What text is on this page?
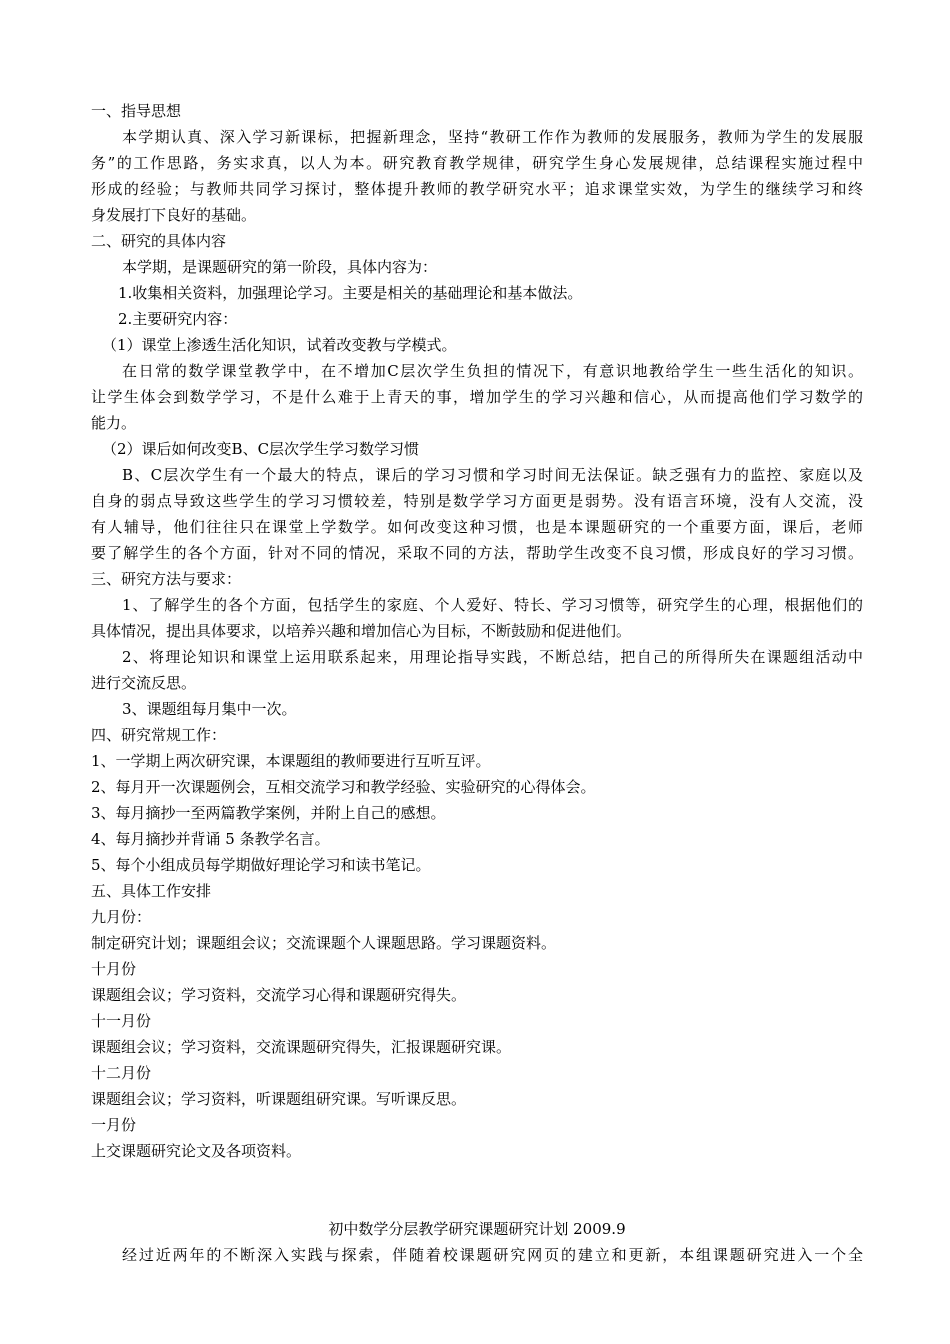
一、指导思想
本学期认真、深入学习新课标，把握新理念，坚持“教研工作作为教师的发展服务，教师为学生的发展服
务”的工作思路，务实求真，以人为本。研究教育教学规律，研究学生身心发展规律，总结课程实施过程中
形成的经验；与教师共同学习探讨，整体提升教师的教学研究水平；追求课堂实效，为学生的继续学习和终
身发展打下良好的基础。
二、研究的具体内容
本学期，是课题研究的第一阶段，具体内容为：
1.收集相关资料，加强理论学习。主要是相关的基础理论和基本做法。
2.主要研究内容：
（1）课堂上渗透生活化知识，试着改变教与学模式。
在日常的数学课堂教学中，在不增加C层次学生负担的情况下，有意识地教给学生一些生活化的知识。
让学生体会到数学学习，不是什么难于上青天的事，增加学生的学习兴趣和信心，从而提高他们学习数学的
能力。
（2）课后如何改变B、C层次学生学习数学习惯
B、C层次学生有一个最大的特点，课后的学习习惯和学习时间无法保证。缺乏强有力的监控、家庭以及
自身的弱点导致这些学生的学习习惯较差，特别是数学学习方面更是弱势。没有语言环境，没有人交流，没
有人辅导，他们往往只在课堂上学数学。如何改变这种习惯，也是本课题研究的一个重要方面，课后，老师
要了解学生的各个方面，针对不同的情况，采取不同的方法，帮助学生改变不良习惯，形成良好的学习习惯。
三、研究方法与要求：
1、了解学生的各个方面，包括学生的家庭、个人爱好、特长、学习习惯等，研究学生的心理，根据他们的
具体情况，提出具体要求，以培养兴趣和增加信心为目标，不断鼓励和促进他们。
2、将理论知识和课堂上运用联系起来，用理论指导实践，不断总结，把自己的所得所失在课题组活动中
进行交流反思。
3、课题组每月集中一次。
四、研究常规工作：
1、一学期上两次研究课，本课题组的教师要进行互听互评。
2、每月开一次课题例会，互相交流学习和教学经验、实验研究的心得体会。
3、每月摘抄一至两篇教学案例，并附上自己的感想。
4、每月摘抄并背诵 5 条教学名言。
5、每个小组成员每学期做好理论学习和读书笔记。
五、具体工作安排
九月份：
制定研究计划；课题组会议；交流课题个人课题思路。学习课题资料。
十月份
课题组会议；学习资料，交流学习心得和课题研究得失。
十一月份
课题组会议；学习资料，交流课题研究得失，汇报课题研究课。
十二月份
课题组会议；学习资料，听课题组研究课。写听课反思。
一月份
上交课题研究论文及各项资料。
初中数学分层教学研究课题研究计划 2009.9
经过近两年的不断深入实践与探索，伴随着校课题研究网页的建立和更新，本组课题研究进入一个全
